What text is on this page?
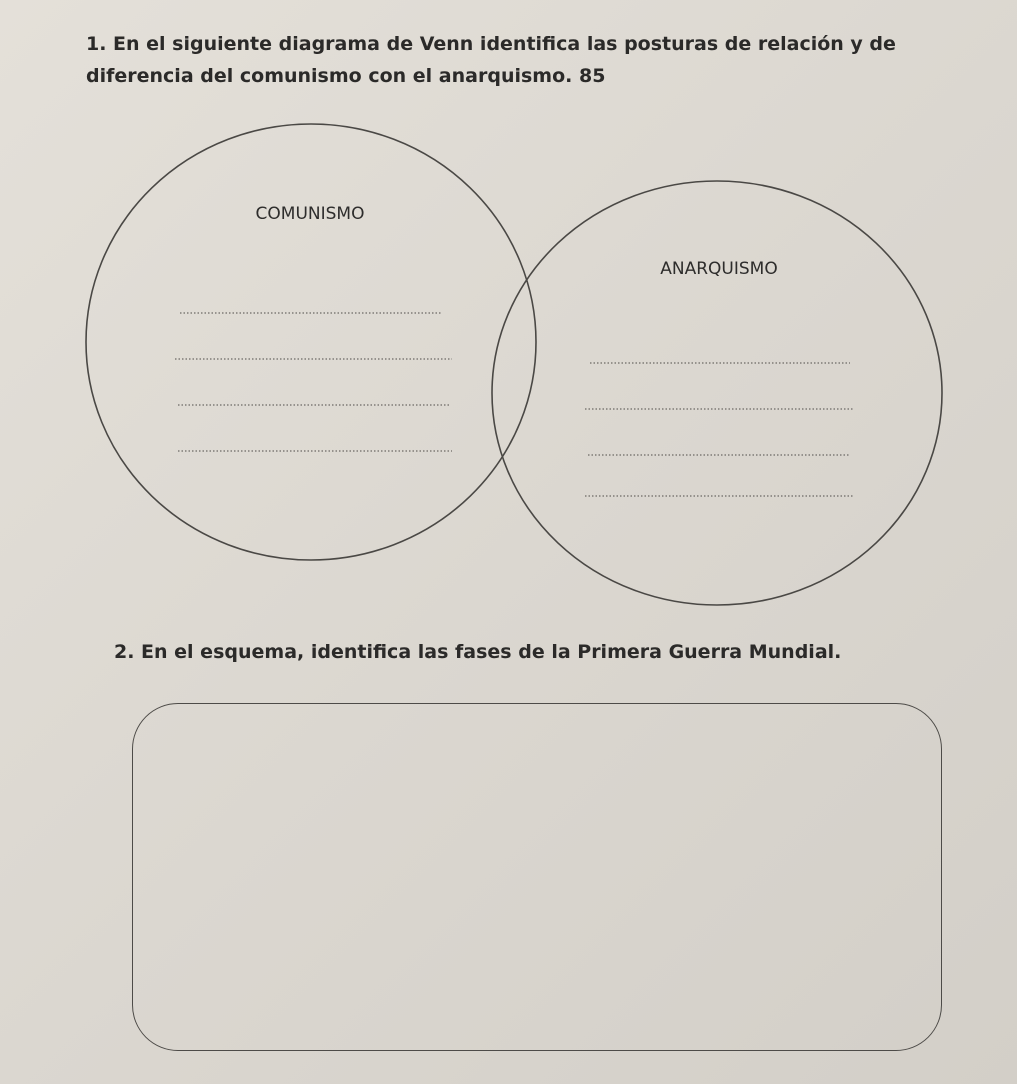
1. En el siguiente diagrama de Venn identifica las posturas de relación y de diferencia del comunismo con el anarquismo. 85

COMUNISMO
ANARQUISMO

2. En el esquema, identifica las fases de la Primera Guerra Mundial.
